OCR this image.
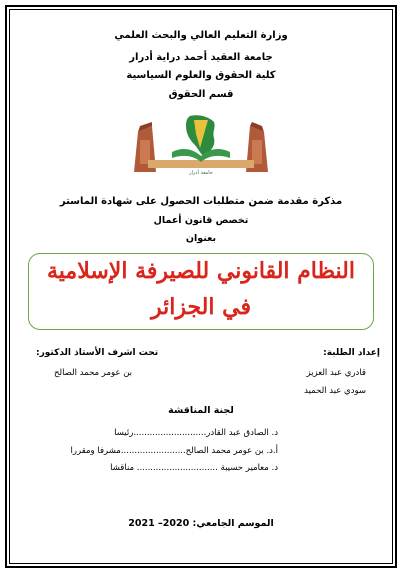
وزارة التعليم العالي والبحث العلمي
جامعة العقيد أحمد دراية أدرار
كلية الحقوق والعلوم السياسية
قسم الحقوق
جامعة أدرار
مذكرة مقدمة ضمن متطلبات الحصول على شهادة الماستر
تخصص قانون أعمال
بعنوان
النظام القانوني للصيرفة الإسلامية
في الجزائر
إعداد الطلبة:
تحت اشرف الأستاذ الدكتور:
قادري عبد العزيز
بن عومر محمد الصالح
سودي عبد الحميد
لجنة المناقشة
د. الصادق عبد القادر...........................رئيسا
أ.د. بن عومر محمد الصالح........................مشرفا ومقررا
د. معامير حسيبة .............................. مناقشا
الموسم الجامعي: 2020– 2021
